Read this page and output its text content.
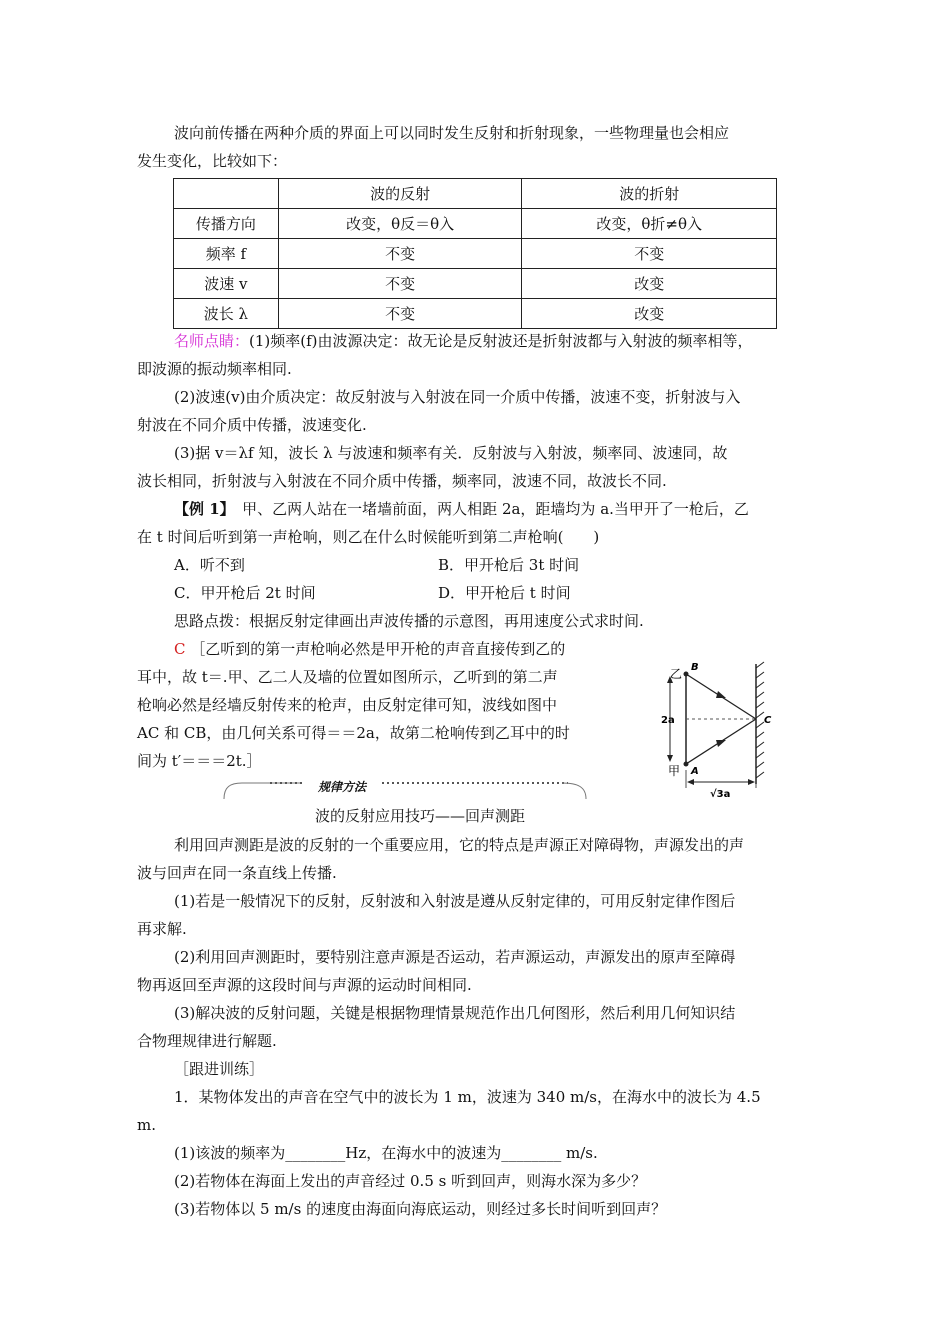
波向前传播在两种介质的界面上可以同时发生反射和折射现象，一些物理量也会相应
发生变化，比较如下：
	波的反射	波的折射
传播方向	改变，θ反＝θ入	改变，θ折≠θ入
频率 f	不变	不变
波速 v	不变	改变
波长 λ	不变	改变
名师点睛：(1)频率(f)由波源决定：故无论是反射波还是折射波都与入射波的频率相等，
即波源的振动频率相同.
(2)波速(v)由介质决定：故反射波与入射波在同一介质中传播，波速不变，折射波与入
射波在不同介质中传播，波速变化.
(3)据 v＝λf 知，波长 λ 与波速和频率有关．反射波与入射波，频率同、波速同，故
波长相同，折射波与入射波在不同介质中传播，频率同，波速不同，故波长不同.
【例 1】　甲、乙两人站在一堵墙前面，两人相距 2a，距墙均为 a.当甲开了一枪后，乙
在 t 时间后听到第一声枪响，则乙在什么时候能听到第二声枪响(　　)
A．听不到	B．甲开枪后 3t 时间
C．甲开枪后 2t 时间	D．甲开枪后 t 时间
思路点拨：根据反射定律画出声波传播的示意图，再用速度公式求时间.
C ［乙听到的第一声枪响必然是甲开枪的声音直接传到乙的
耳中，故 t＝.甲、乙二人及墙的位置如图所示，乙听到的第二声
枪响必然是经墙反射传来的枪声，由反射定律可知，波线如图中
AC 和 CB，由几何关系可得＝＝2a，故第二枪响传到乙耳中的时
间为 t′＝＝＝2t.］
乙 B
甲 A
C
2a
√3a
规律方法
波的反射应用技巧——回声测距
利用回声测距是波的反射的一个重要应用，它的特点是声源正对障碍物，声源发出的声
波与回声在同一条直线上传播.
(1)若是一般情况下的反射，反射波和入射波是遵从反射定律的，可用反射定律作图后
再求解.
(2)利用回声测距时，要特别注意声源是否运动，若声源运动，声源发出的原声至障碍
物再返回至声源的这段时间与声源的运动时间相同.
(3)解决波的反射问题，关键是根据物理情景规范作出几何图形，然后利用几何知识结
合物理规律进行解题.
［跟进训练］
1．某物体发出的声音在空气中的波长为 1 m，波速为 340 m/s，在海水中的波长为 4.5
m.
(1)该波的频率为________Hz，在海水中的波速为________ m/s.
(2)若物体在海面上发出的声音经过 0.5 s 听到回声，则海水深为多少？
(3)若物体以 5 m/s 的速度由海面向海底运动，则经过多长时间听到回声？
